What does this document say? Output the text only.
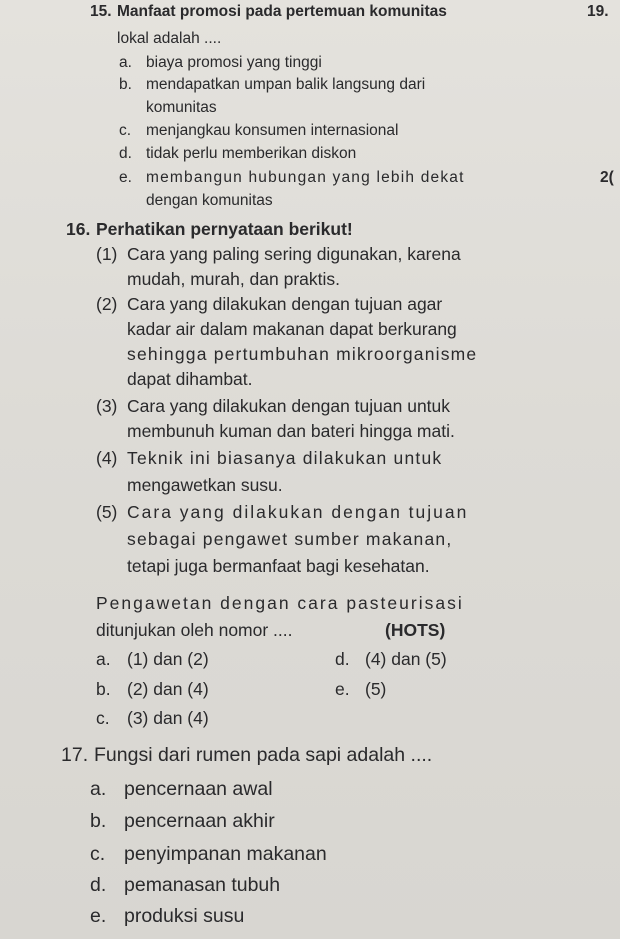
15. Manfaat promosi pada pertemuan komunitas
lokal adalah ....
a. biaya promosi yang tinggi
b. mendapatkan umpan balik langsung dari
komunitas
c. menjangkau konsumen internasional
d. tidak perlu memberikan diskon
e. membangun hubungan yang lebih dekat
dengan komunitas
19.
2(
16. Perhatikan pernyataan berikut!
(1) Cara yang paling sering digunakan, karena
mudah, murah, dan praktis.
(2) Cara yang dilakukan dengan tujuan agar
kadar air dalam makanan dapat berkurang
sehingga pertumbuhan mikroorganisme
dapat dihambat.
(3) Cara yang dilakukan dengan tujuan untuk
membunuh kuman dan bateri hingga mati.
(4) Teknik ini biasanya dilakukan untuk
mengawetkan susu.
(5) Cara yang dilakukan dengan tujuan
sebagai pengawet sumber makanan,
tetapi juga bermanfaat bagi kesehatan.
Pengawetan dengan cara pasteurisasi
ditunjukan oleh nomor ....	(HOTS)
a. (1) dan (2)	d. (4) dan (5)
b. (2) dan (4)	e. (5)
c. (3) dan (4)
17. Fungsi dari rumen pada sapi adalah ....
a. pencernaan awal
b. pencernaan akhir
c. penyimpanan makanan
d. pemanasan tubuh
e. produksi susu
